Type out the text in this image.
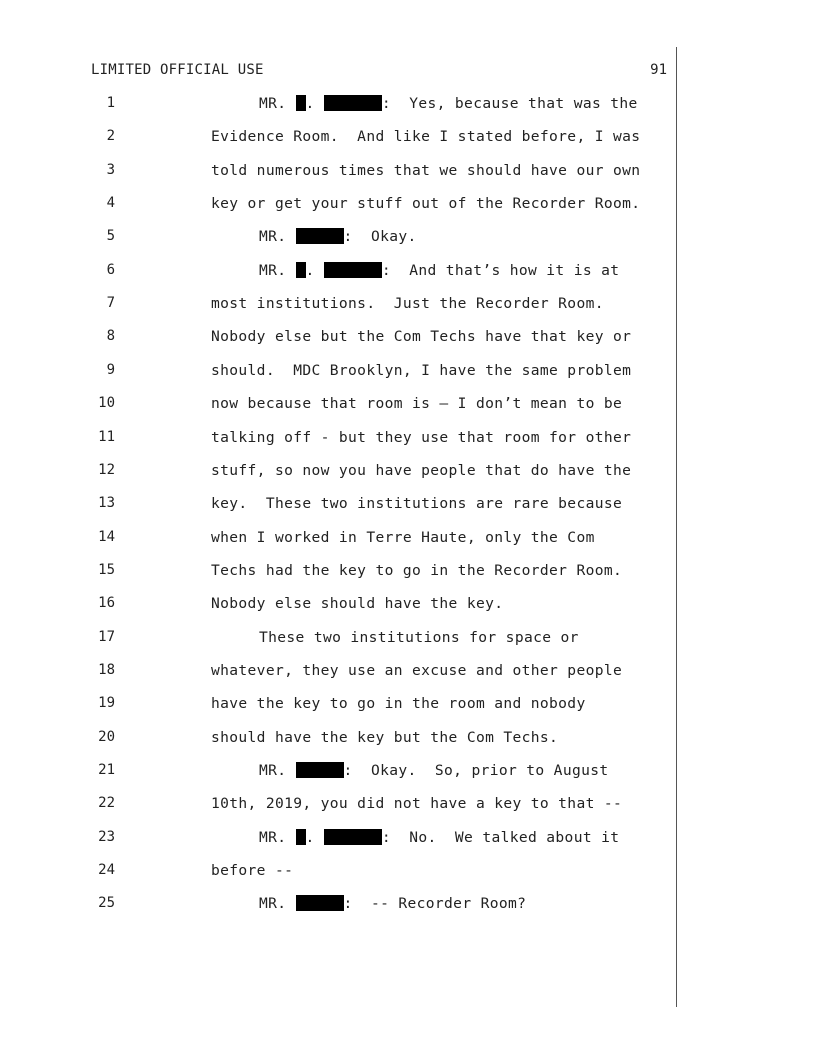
LIMITED OFFICIAL USE	91
1	MR. .	:  Yes, because that was the
2	Evidence Room.  And like I stated before, I was
3	told numerous times that we should have our own
4	key or get your stuff out of the Recorder Room.
5	MR.	:  Okay.
6	MR. .	:  And that’s how it is at
7	most institutions.  Just the Recorder Room.
8	Nobody else but the Com Techs have that key or
9	should.  MDC Brooklyn, I have the same problem
10	now because that room is – I don’t mean to be
11	talking off - but they use that room for other
12	stuff, so now you have people that do have the
13	key.  These two institutions are rare because
14	when I worked in Terre Haute, only the Com
15	Techs had the key to go in the Recorder Room.
16	Nobody else should have the key.
17	These two institutions for space or
18	whatever, they use an excuse and other people
19	have the key to go in the room and nobody
20	should have the key but the Com Techs.
21	MR.	:  Okay.  So, prior to August
22	10th, 2019, you did not have a key to that --
23	MR. .	:  No.  We talked about it
24	before --
25	MR.	:  -- Recorder Room?
